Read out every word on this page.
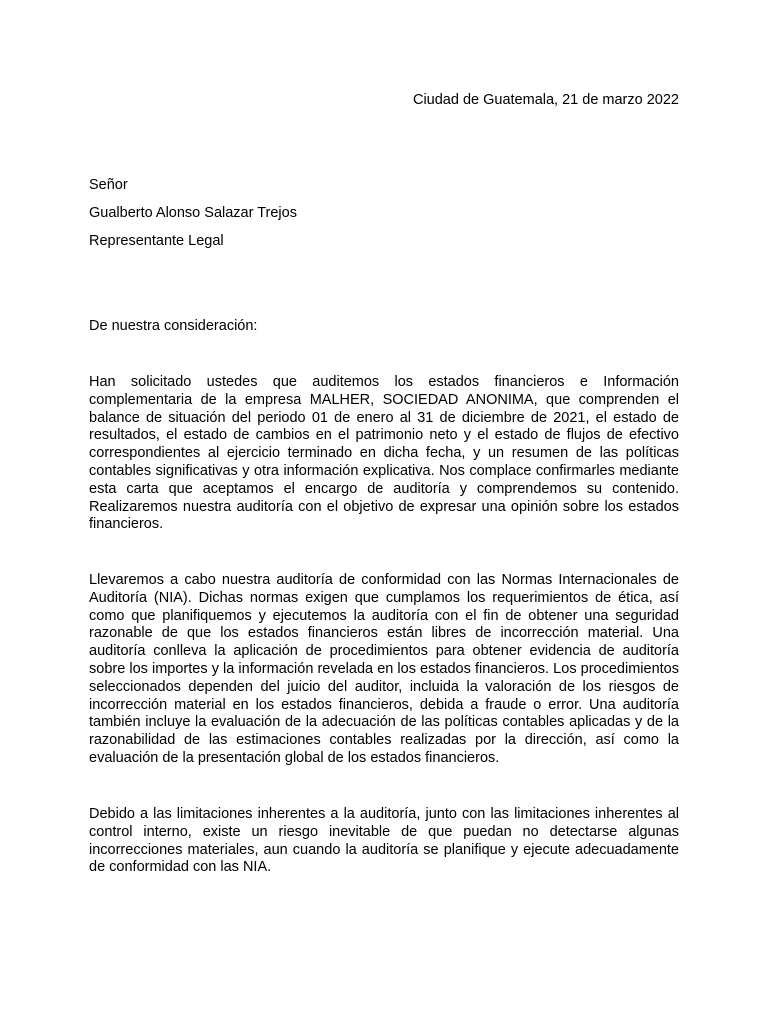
Ciudad de Guatemala, 21 de marzo 2022
Señor
Gualberto Alonso Salazar Trejos
Representante Legal
De nuestra consideración:

Han solicitado ustedes que auditemos los estados financieros e Información complementaria de la empresa MALHER, SOCIEDAD ANONIMA, que comprenden el balance de situación del periodo 01 de enero al 31 de diciembre de 2021, el estado de resultados, el estado de cambios en el patrimonio neto y el estado de flujos de efectivo correspondientes al ejercicio terminado en dicha fecha, y un resumen de las políticas contables significativas y otra información explicativa. Nos complace confirmarles mediante esta carta que aceptamos el encargo de auditoría y comprendemos su contenido. Realizaremos nuestra auditoría con el objetivo de expresar una opinión sobre los estados financieros.

Llevaremos a cabo nuestra auditoría de conformidad con las Normas Internacionales de Auditoría (NIA). Dichas normas exigen que cumplamos los requerimientos de ética, así como que planifiquemos y ejecutemos la auditoría con el fin de obtener una seguridad razonable de que los estados financieros están libres de incorrección material. Una auditoría conlleva la aplicación de procedimientos para obtener evidencia de auditoría sobre los importes y la información revelada en los estados financieros. Los procedimientos seleccionados dependen del juicio del auditor, incluida la valoración de los riesgos de incorrección material en los estados financieros, debida a fraude o error. Una auditoría también incluye la evaluación de la adecuación de las políticas contables aplicadas y de la razonabilidad de las estimaciones contables realizadas por la dirección, así como la evaluación de la presentación global de los estados financieros.

Debido a las limitaciones inherentes a la auditoría, junto con las limitaciones inherentes al control interno, existe un riesgo inevitable de que puedan no detectarse algunas incorrecciones materiales, aun cuando la auditoría se planifique y ejecute adecuadamente de conformidad con las NIA.
